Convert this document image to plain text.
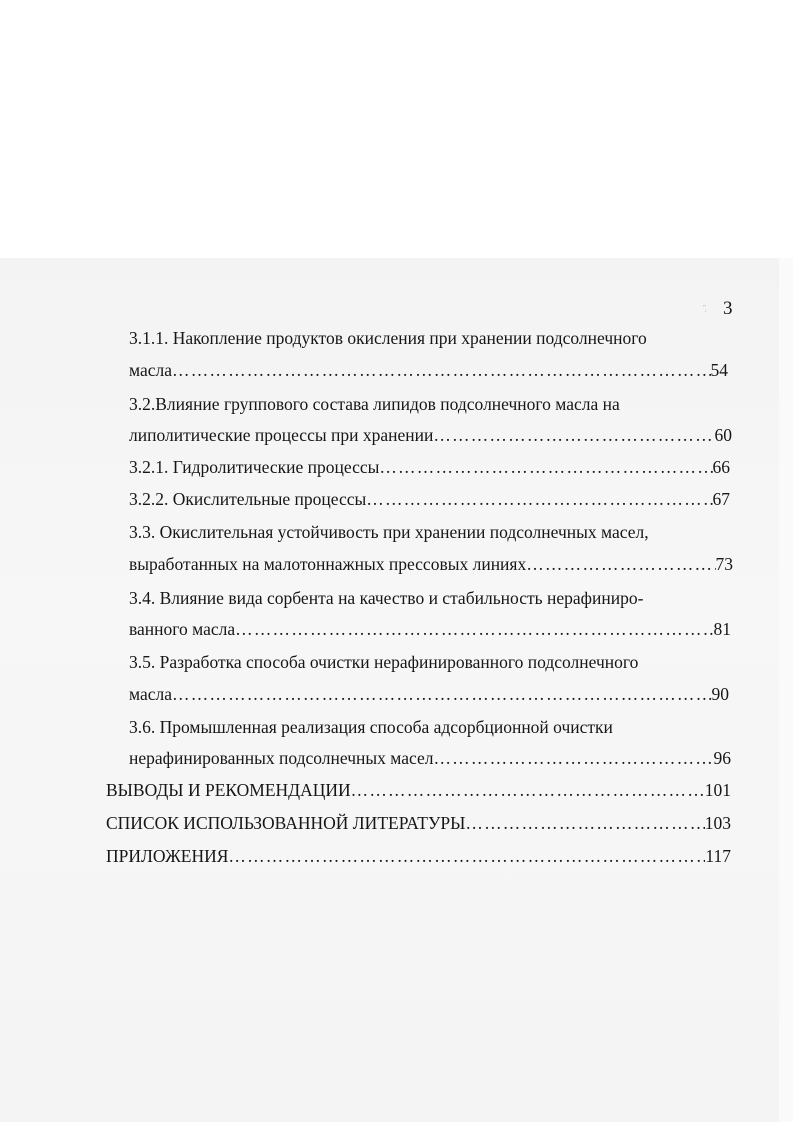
ᵔ̣ 3
3.1.1. Накопление продуктов окисления при хранении подсолнечного
масла …………………………………………………………………………………………………………………………………	54
3.2.Влияние группового состава липидов подсолнечного масла на
липолитические процессы при хранении …………………………………………………………………………………………………………………………………	60
3.2.1. Гидролитические процессы …………………………………………………………………………………………………………………………………	66
3.2.2. Окислительные процессы …………………………………………………………………………………………………………………………………	67
3.3. Окислительная устойчивость при хранении подсолнечных масел,
выработанных на малотоннажных прессовых линиях …………………………………………………………………………………………………………………………………	73
3.4. Влияние вида сорбента на качество и стабильность нерафиниро-
ванного масла …………………………………………………………………………………………………………………………………	81
3.5. Разработка способа очистки нерафинированного подсолнечного
масла …………………………………………………………………………………………………………………………………	90
3.6. Промышленная реализация способа адсорбционной очистки
нерафинированных подсолнечных масел …………………………………………………………………………………………………………………………………	96
ВЫВОДЫ И РЕКОМЕНДАЦИИ …………………………………………………………………………………………………………………………………	101
СПИСОК ИСПОЛЬЗОВАННОЙ ЛИТЕРАТУРЫ …………………………………………………………………………………………………………………………………	103
ПРИЛОЖЕНИЯ …………………………………………………………………………………………………………………………………	117
